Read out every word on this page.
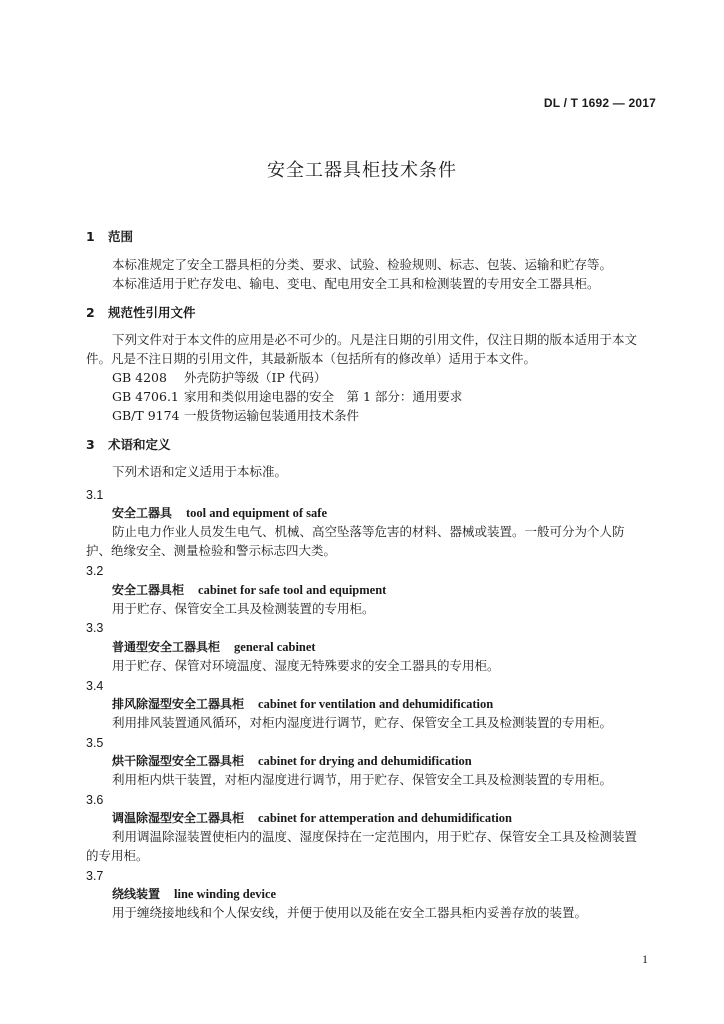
DL / T 1692 — 2017
安全工器具柜技术条件
1 范围
本标准规定了安全工器具柜的分类、要求、试验、检验规则、标志、包装、运输和贮存等。
本标准适用于贮存发电、输电、变电、配电用安全工具和检测装置的专用安全工器具柜。
2 规范性引用文件
下列文件对于本文件的应用是必不可少的。凡是注日期的引用文件，仅注日期的版本适用于本文
件。凡是不注日期的引用文件，其最新版本（包括所有的修改单）适用于本文件。
GB 4208 外壳防护等级（IP 代码）
GB 4706.1 家用和类似用途电器的安全　第 1 部分：通用要求
GB/T 9174 一般货物运输包装通用技术条件
3 术语和定义
下列术语和定义适用于本标准。
3.1
安全工器具 tool and equipment of safe
防止电力作业人员发生电气、机械、高空坠落等危害的材料、器械或装置。一般可分为个人防
护、绝缘安全、测量检验和警示标志四大类。
3.2
安全工器具柜 cabinet for safe tool and equipment
用于贮存、保管安全工具及检测装置的专用柜。
3.3
普通型安全工器具柜 general cabinet
用于贮存、保管对环境温度、湿度无特殊要求的安全工器具的专用柜。
3.4
排风除湿型安全工器具柜 cabinet for ventilation and dehumidification
利用排风装置通风循环，对柜内湿度进行调节，贮存、保管安全工具及检测装置的专用柜。
3.5
烘干除湿型安全工器具柜 cabinet for drying and dehumidification
利用柜内烘干装置，对柜内湿度进行调节，用于贮存、保管安全工具及检测装置的专用柜。
3.6
调温除湿型安全工器具柜 cabinet for attemperation and dehumidification
利用调温除湿装置使柜内的温度、湿度保持在一定范围内，用于贮存、保管安全工具及检测装置
的专用柜。
3.7
绕线装置 line winding device
用于缠绕接地线和个人保安线，并便于使用以及能在安全工器具柜内妥善存放的装置。
1
